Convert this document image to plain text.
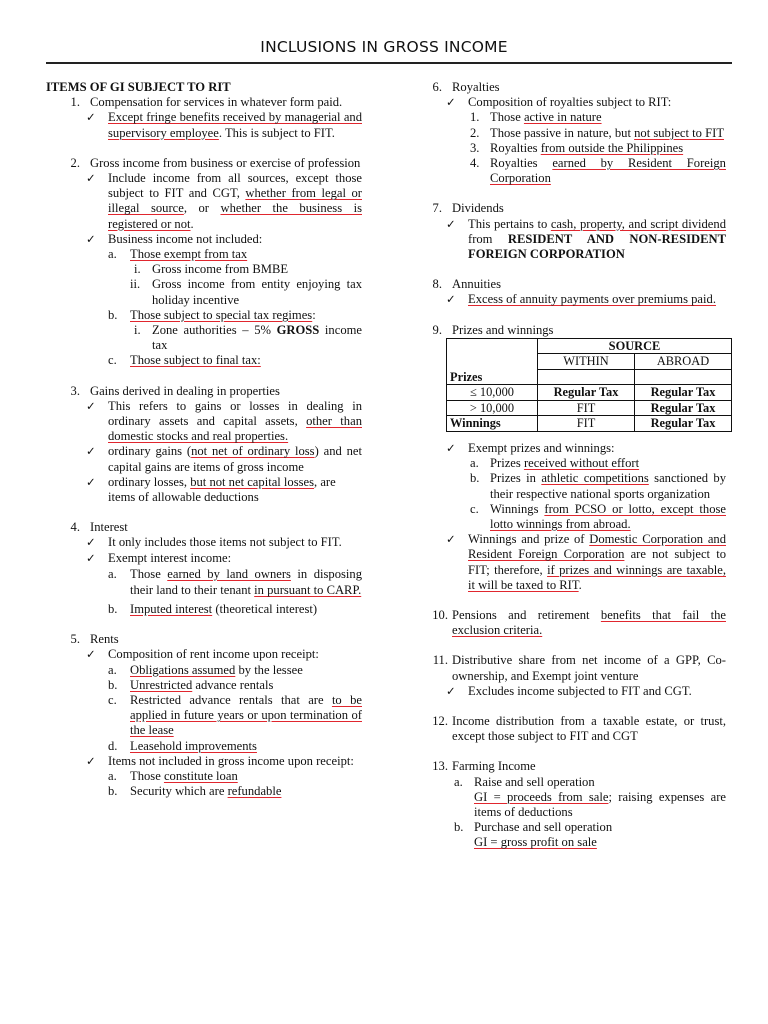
INCLUSIONS IN GROSS INCOME
ITEMS OF GI SUBJECT TO RIT
1. Compensation for services in whatever form paid.
✓ Except fringe benefits received by managerial and supervisory employee. This is subject to FIT.
2. Gross income from business or exercise of profession
✓ Include income from all sources, except those subject to FIT and CGT, whether from legal or illegal source, or whether the business is registered or not.
✓ Business income not included:
a. Those exempt from tax
i. Gross income from BMBE
ii. Gross income from entity enjoying tax holiday incentive
b. Those subject to special tax regimes:
i. Zone authorities – 5% GROSS income tax
c. Those subject to final tax:
3. Gains derived in dealing in properties
✓ This refers to gains or losses in dealing in ordinary assets and capital assets, other than domestic stocks and real properties.
✓ ordinary gains (not net of ordinary loss) and net capital gains are items of gross income
✓ ordinary losses, but not net capital losses, are items of allowable deductions
4. Interest
✓ It only includes those items not subject to FIT.
✓ Exempt interest income:
a. Those earned by land owners in disposing their land to their tenant in pursuant to CARP.
b. Imputed interest (theoretical interest)
5. Rents
✓ Composition of rent income upon receipt:
a. Obligations assumed by the lessee
b. Unrestricted advance rentals
c. Restricted advance rentals that are to be applied in future years or upon termination of the lease
d. Leasehold improvements
✓ Items not included in gross income upon receipt:
a. Those constitute loan
b. Security which are refundable
6. Royalties
✓ Composition of royalties subject to RIT:
1. Those active in nature
2. Those passive in nature, but not subject to FIT
3. Royalties from outside the Philippines
4. Royalties earned by Resident Foreign Corporation
7. Dividends
✓ This pertains to cash, property, and script dividend from RESIDENT AND NON-RESIDENT FOREIGN CORPORATION
8. Annuities
✓ Excess of annuity payments over premiums paid.
9. Prizes and winnings
	SOURCE	
	WITHIN	ABROAD
Prizes		
≤ 10,000	Regular Tax	Regular Tax
> 10,000	FIT	Regular Tax
Winnings	FIT	Regular Tax
✓ Exempt prizes and winnings:
a. Prizes received without effort
b. Prizes in athletic competitions sanctioned by their respective national sports organization
c. Winnings from PCSO or lotto, except those lotto winnings from abroad.
✓ Winnings and prize of Domestic Corporation and Resident Foreign Corporation are not subject to FIT; therefore, if prizes and winnings are taxable, it will be taxed to RIT.
10. Pensions and retirement benefits that fail the exclusion criteria.
11. Distributive share from net income of a GPP, Co-ownership, and Exempt joint venture
✓ Excludes income subjected to FIT and CGT.
12. Income distribution from a taxable estate, or trust, except those subject to FIT and CGT
13. Farming Income
a. Raise and sell operation
GI = proceeds from sale; raising expenses are items of deductions
b. Purchase and sell operation
GI = gross profit on sale
